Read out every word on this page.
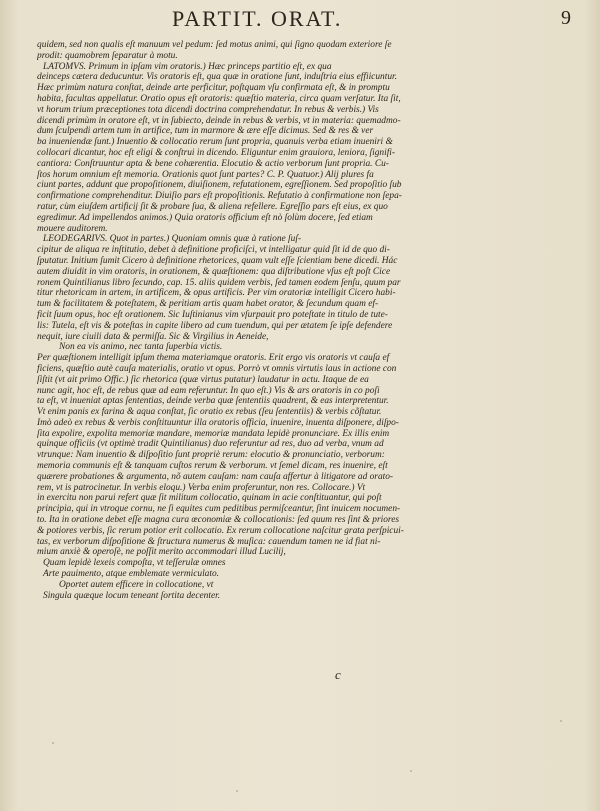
PARTIT. ORAT.	9
quidem, sed non qualis eſt manuum vel pedum: ſed motus animi, qui ſigno quodam exteriore ſe
prodit: quamobrem ſeparatur à motu.
LATOMVS. Primum in ipſam vim oratoris.) Hæc princeps partitio eſt, ex qua
deinceps cætera deducuntur. Vis oratoris eſt, qua quæ in oratione ſunt, induſtria eius effiicuntur.
Hæc primùm natura conſtat, deinde arte perficitur, poſtquam vſu confirmata eſt, & in promptu
habita, facultas appellatur. Oratio opus eſt oratoris: quæſtio materia, circa quam verſatur. Ita ſit,
vt horum trium præceptiones tota dicendi doctrina comprehendatur. In rebus & verbis.) Vis
dicendi primùm in oratore eſt, vt in ſubiecto, deinde in rebus & verbis, vt in materia: quemadmo-
dum ſculpendi artem tum in artifice, tum in marmore & ære eſſe dicimus. Sed & res & ver
ba inueniendæ ſunt.) Inuentio & collocatio rerum ſunt propria, quanuis verba etiam inueniri &
collocari dicantur, hoc eſt eligi & conſtrui in dicendo. Eliguntur enim grauiora, leniora, ſignifi-
cantiora: Conſtruuntur apta & bene cohærentia. Elocutio & actio verborum ſunt propria. Cu-
ſtos horum omnium eſt memoria. Orationis quot ſunt partes? C. P. Quatuor.) Alij plures fa
ciunt partes, addunt que propoſitionem, diuiſionem, refutationem, egreſſionem. Sed propoſitio ſub
confirmatione comprehenditur. Diuiſio pars eſt propoſitionis. Refutatio à confirmatione non ſepa-
ratur, cùm eiuſdem artificij ſit & probare ſua, & aliena refellere. Egreſſio pars eſt eius, ex quo
egredimur. Ad impellendos animos.) Quia oratoris officium eſt nò ſolùm docere, ſed etiam
mouere auditorem.
LEODEGARIVS. Quot in partes.) Quoniam omnis quæ à ratione ſuſ-
cipitur de aliqua re inſtitutio, debet à definitione proficiſci, vt intelligatur quid ſit id de quo di-
ſputatur. Initium ſumit Cicero à definitione rhetorices, quam vult eſſe ſcientiam bene dicedi. Hác
autem diuidit in vim oratoris, in orationem, & quæſtionem: qua diſtributione vſus eſt poſt Cice
ronem Quintilianus libro ſecundo, cap. 15. aliis quidem verbis, ſed tamen eodem ſenſu, quum par
titur rhetoricam in artem, in artificem, & opus artificis. Per vim oratoriæ intelligit Cicero habi-
tum & facilitatem & poteſtatem, & peritiam artis quam habet orator, & ſecundum quam ef-
ficit ſuum opus, hoc eſt orationem. Sic Iuſtinianus vim vſurpauit pro poteſtate in titulo de tute-
lis: Tutela, eſt vis & poteſtas in capite libero ad cum tuendum, qui per ætatem ſe ipſe defendere
nequit, iure ciuili data & permiſſa. Sic & Virgilius in Aeneide,
Non ea vis animo, nec tanta ſuperbia victis.
Per quæſtionem intelligit ipſum thema materiamque oratoris. Erit ergo vis oratoris vt cauſa ef
ficiens, quæſtio autè cauſa materialis, oratio vt opus. Porrò vt omnis virtutis laus in actione con
ſiſtit (vt ait primo Offic.) ſic rhetorica (quæ virtus putatur) laudatur in actu. Itaque de ea
nunc agit, hoc eſt, de rebus quæ ad eam referuntur. In quo eſt.) Vis & ars oratoris in co poſi
ta eſt, vt inueniat aptas ſententias, deinde verba quæ ſententiis quadrent, & eas interpretentur.
Vt enim panis ex farina & aqua conſtat, ſic oratio ex rebus (ſeu ſententiis) & verbis cõſtatur.
Imò adeò ex rebus & verbis conſtituuntur illa oratoris officia, inuenire, inuenta diſponere, diſpo-
ſita expolire, expolita memoriæ mandare, memoriæ mandata lepidè pronunciare. Ex illis enim
quinque officiis (vt optimè tradit Quintilianus) duo referuntur ad res, duo ad verba, vnum ad
vtrunque: Nam inuentio & diſpoſitio ſunt propriè rerum: elocutio & pronunciatio, verborum:
memoria communis eſt & tanquam cuſtos rerum & verborum. vt ſemel dicam, res inuenire, eſt
quærere probationes & argumenta, nõ autem cauſam: nam cauſa affertur à litigatore ad orato-
rem, vt is patrocinetur. In verbis eloqu.) Verba enim proferuntur, non res. Collocare.) Vt
in exercitu non parui refert quæ ſit militum collocatio, quinam in acie conſtituantur, qui poſt
principia, qui in vtroque cornu, ne ſi equites cum peditibus permiſceantur, ſint inuicem nocumen-
to. Ita in oratione debet eſſe magna cura œconomiæ & collocationis: ſed quum res ſint & priores
& potiores verbis, ſic rerum potior erit collocatio. Ex rerum collocatione naſcitur grata perſpicui-
tas, ex verborum diſpoſitione & ſtructura numerus & muſica: cauendum tamen ne id fiat ni-
mium anxiè & operoſè, ne poſſit merito accommodari illud Lucilij,
Quam lepidè lexeis compoſta, vt teſſerulæ omnes
Arte pauimento, atque emblemate vermiculato.
Oportet autem efficere in collocatione, vt
Singula quæque locum teneant ſortita decenter.
c
